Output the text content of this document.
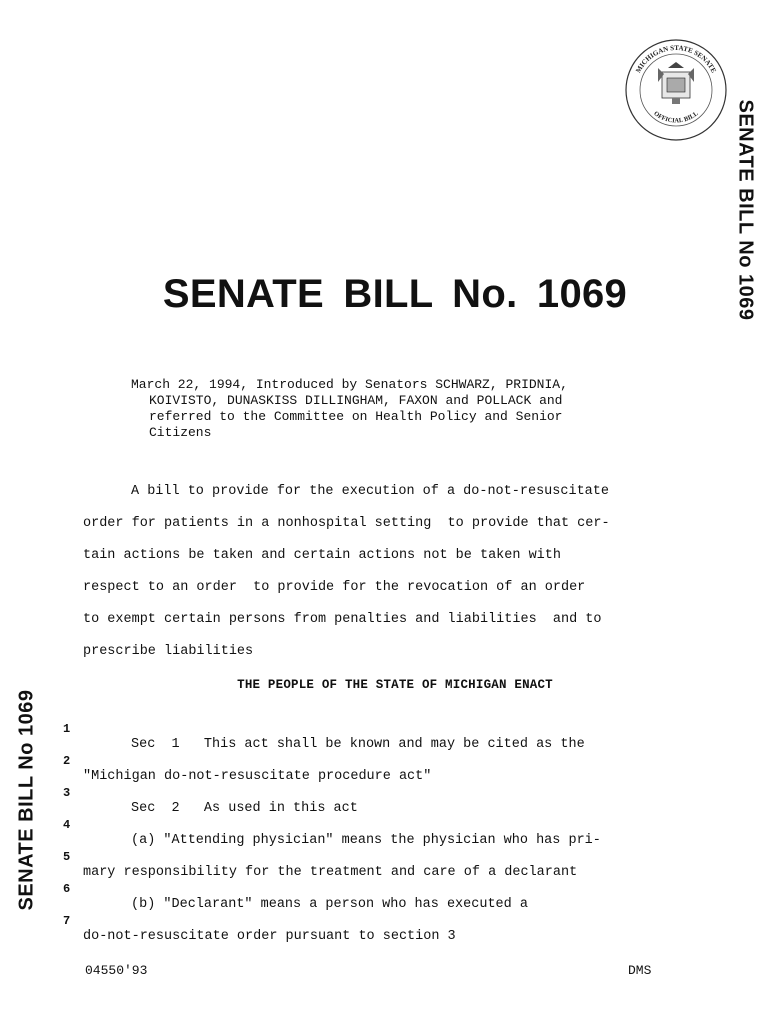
MICHIGAN STATE SENATE
OFFICIAL BILL SENATE BILL No 1069
SENATE BILL No 1069
SENATE BILL No. 1069
March 22, 1994, Introduced by Senators SCHWARZ, PRIDNIA,
KOIVISTO, DUNASKISS DILLINGHAM, FAXON and POLLACK and
referred to the Committee on Health Policy and Senior
Citizens
A bill to provide for the execution of a do-not-resuscitate
order for patients in a nonhospital setting  to provide that cer-
tain actions be taken and certain actions not be taken with
respect to an order  to provide for the revocation of an order
to exempt certain persons from penalties and liabilities  and to
prescribe liabilities
THE PEOPLE OF THE STATE OF MICHIGAN ENACT

1

Sec  1   This act shall be known and may be cited as the

2

"Michigan do-not-resuscitate procedure act"

3

Sec  2   As used in this act

4

(a) "Attending physician" means the physician who has pri-

5

mary responsibility for the treatment and care of a declarant

6

(b) "Declarant" means a person who has executed a

7

do-not-resuscitate order pursuant to section 3

04550'93	DMS
